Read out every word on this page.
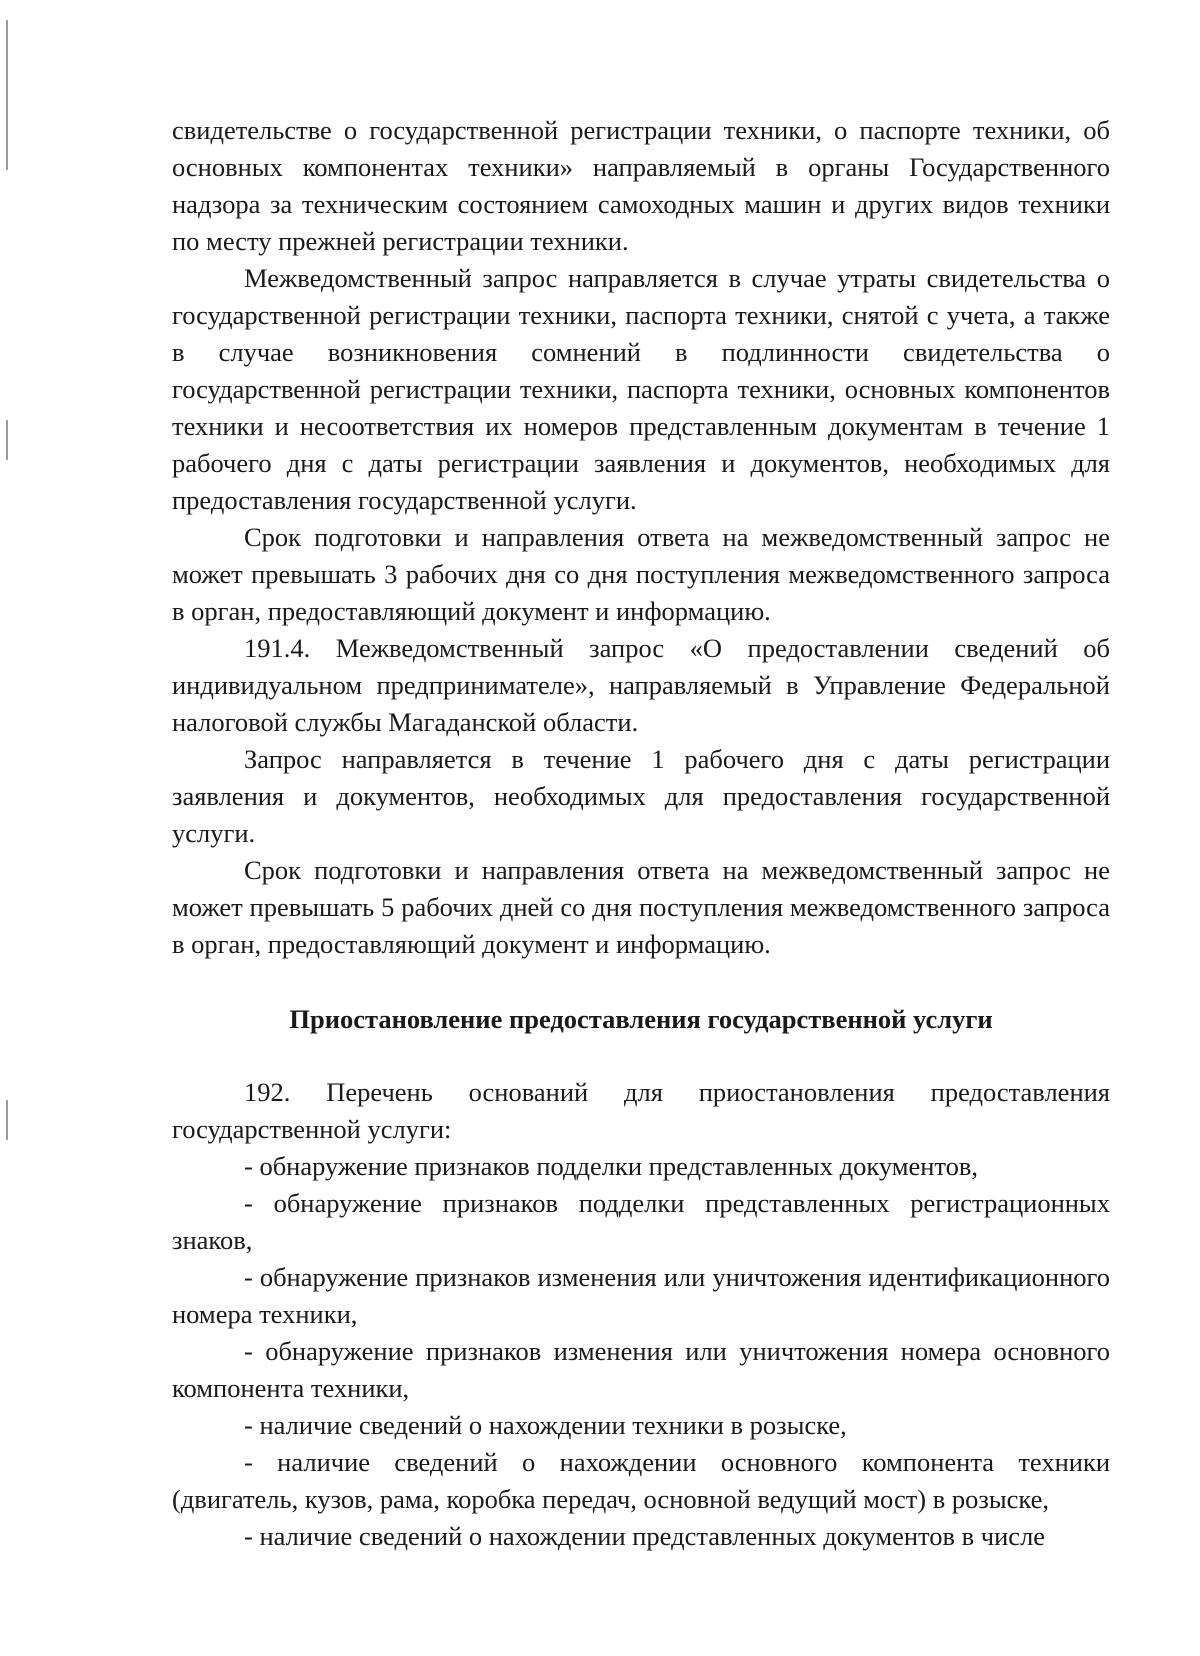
свидетельстве о государственной регистрации техники, о паспорте техники, об основных компонентах техники» направляемый в органы Государственного надзора за техническим состоянием самоходных машин и других видов техники по месту прежней регистрации техники.

Межведомственный запрос направляется в случае утраты свидетельства о государственной регистрации техники, паспорта техники, снятой с учета, а также в случае возникновения сомнений в подлинности свидетельства о государственной регистрации техники, паспорта техники, основных компонентов техники и несоответствия их номеров представленным документам в течение 1 рабочего дня с даты регистрации заявления и документов, необходимых для предоставления государственной услуги.

Срок подготовки и направления ответа на межведомственный запрос не может превышать 3 рабочих дня со дня поступления межведомственного запроса в орган, предоставляющий документ и информацию.

191.4. Межведомственный запрос «О предоставлении сведений об индивидуальном предпринимателе», направляемый в Управление Федеральной налоговой службы Магаданской области.

Запрос направляется в течение 1 рабочего дня с даты регистрации заявления и документов, необходимых для предоставления государственной услуги.

Срок подготовки и направления ответа на межведомственный запрос не может превышать 5 рабочих дней со дня поступления межведомственного запроса в орган, предоставляющий документ и информацию.

Приостановление предоставления государственной услуги

192. Перечень оснований для приостановления предоставления государственной услуги:

- обнаружение признаков подделки представленных документов,

- обнаружение признаков подделки представленных регистрационных знаков,

- обнаружение признаков изменения или уничтожения идентификационного номера техники,

- обнаружение признаков изменения или уничтожения номера основного компонента техники,

- наличие сведений о нахождении техники в розыске,

- наличие сведений о нахождении основного компонента техники (двигатель, кузов, рама, коробка передач, основной ведущий мост) в розыске,

- наличие сведений о нахождении представленных документов в числе
